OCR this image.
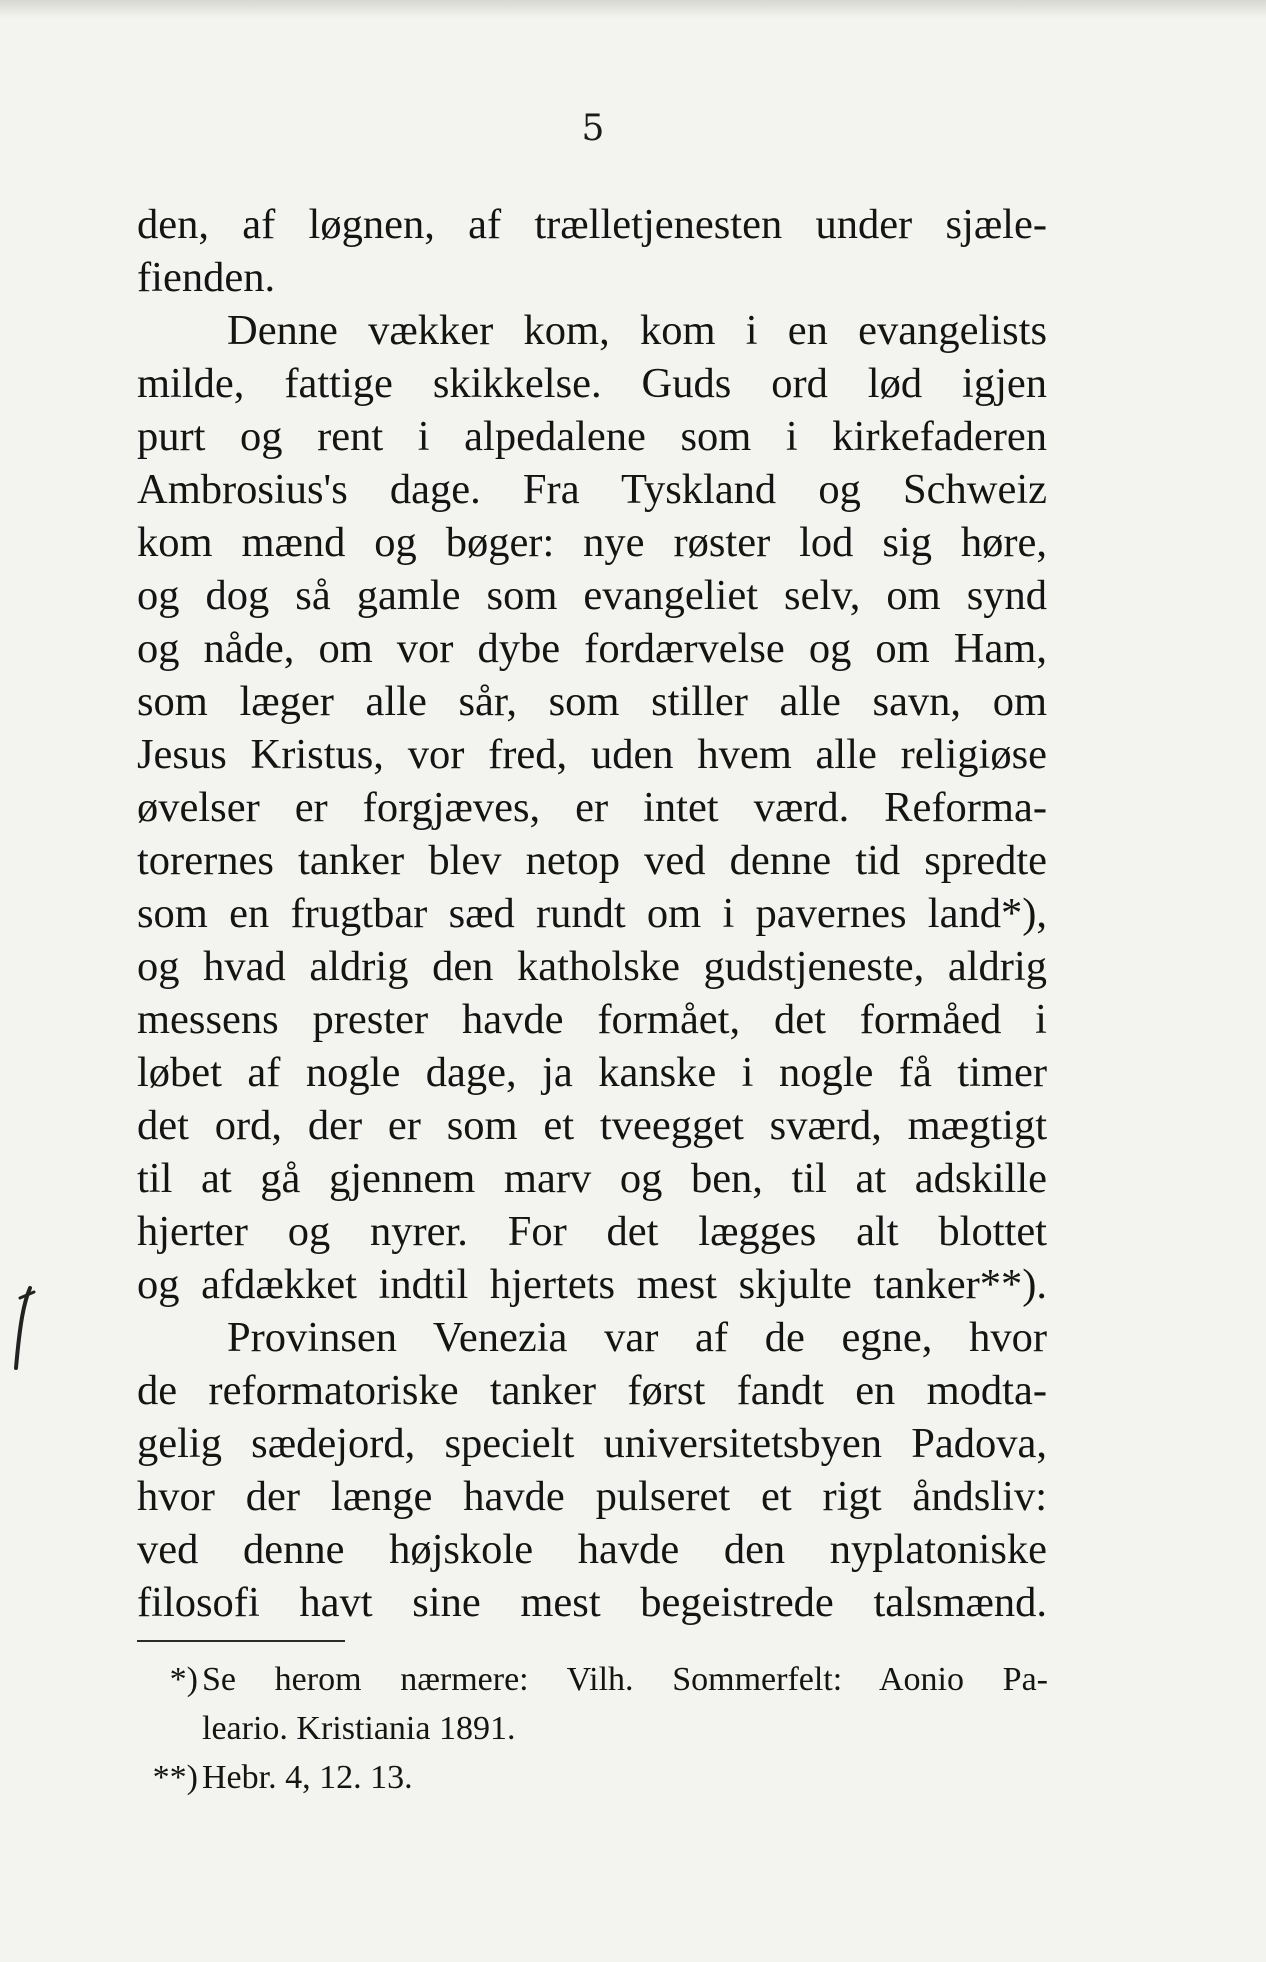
5
den, af løgnen, af trælletjenesten under sjæle-
fienden.
Denne vækker kom, kom i en evangelists
milde, fattige skikkelse. Guds ord lød igjen
purt og rent i alpedalene som i kirkefaderen
Ambrosius's dage. Fra Tyskland og Schweiz
kom mænd og bøger: nye røster lod sig høre,
og dog så gamle som evangeliet selv, om synd
og nåde, om vor dybe fordærvelse og om Ham,
som læger alle sår, som stiller alle savn, om
Jesus Kristus, vor fred, uden hvem alle religiøse
øvelser er forgjæves, er intet værd. Reforma-
torernes tanker blev netop ved denne tid spredte
som en frugtbar sæd rundt om i pavernes land*),
og hvad aldrig den katholske gudstjeneste, aldrig
messens prester havde formået, det formåed i
løbet af nogle dage, ja kanske i nogle få timer
det ord, der er som et tveegget sværd, mægtigt
til at gå gjennem marv og ben, til at adskille
hjerter og nyrer. For det lægges alt blottet
og afdækket indtil hjertets mest skjulte tanker**).
Provinsen Venezia var af de egne, hvor
de reformatoriske tanker først fandt en modta-
gelig sædejord, specielt universitetsbyen Padova,
hvor der længe havde pulseret et rigt åndsliv:
ved denne højskole havde den nyplatoniske
filosofi havt sine mest begeistrede talsmænd.
*) Se herom nærmere: Vilh. Sommerfelt: Aonio Pa-
leario. Kristiania 1891.
**) Hebr. 4, 12. 13.
